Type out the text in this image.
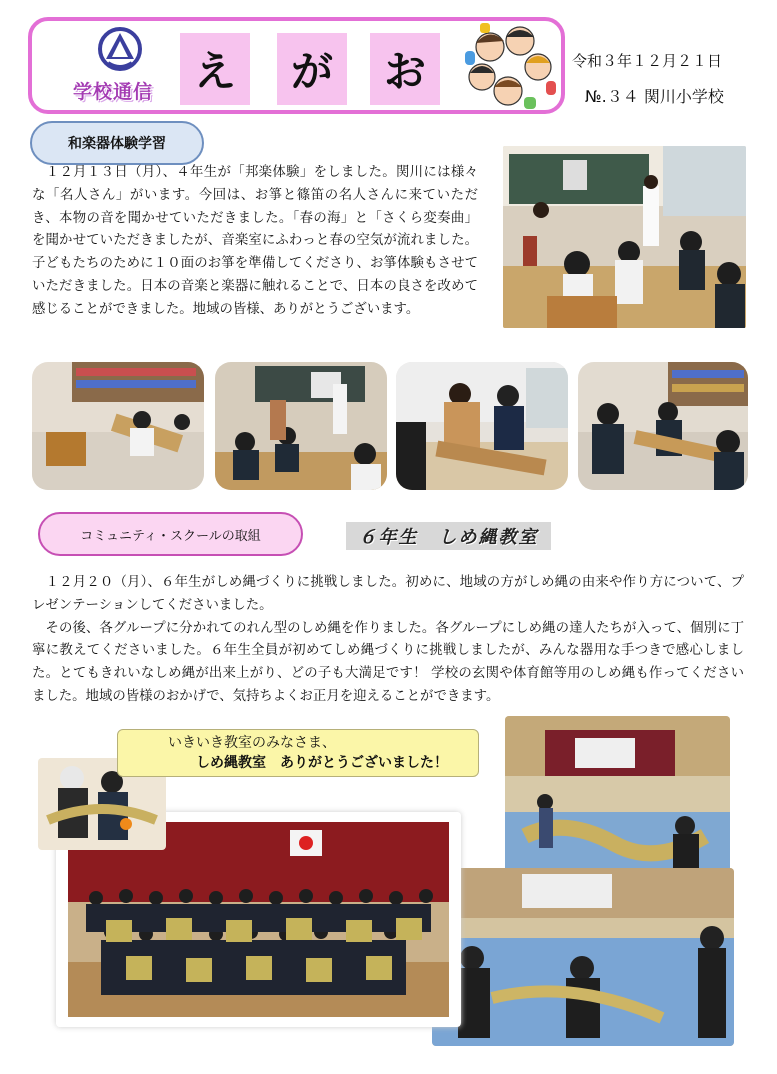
学校通信 え	が	お	令和３年１２月２１日
№.３４ 関川小学校
和楽器体験学習

　１２月１３日（月）、４年生が「邦楽体験」をしました。関川には様々な「名人さん」がいます。今回は、お箏と篠笛の名人さんに来ていただき、本物の音を聞かせていただきました。「春の海」と「さくら変奏曲」を聞かせていただきましたが、音楽室にふわっと春の空気が流れました。子どもたちのために１０面のお箏を準備してくださり、お箏体験もさせていただきました。日本の音楽と楽器に触れることで、日本の良さを改めて感じることができました。地域の皆様、ありがとうございます。

コミュニティ・スクールの取組	６年生　しめ縄教室

　１２月２０（月）、６年生がしめ縄づくりに挑戦しました。初めに、地域の方がしめ縄の由来や作り方について、プレゼンテーションしてくださいました。
　その後、各グループに分かれてのれん型のしめ縄を作りました。各グループにしめ縄の達人たちが入って、個別に丁寧に教えてくださいました。６年生全員が初めてしめ縄づくりに挑戦しましたが、みんな器用な手つきで感心しました。とてもきれいなしめ縄が出来上がり、どの子も大満足です！ 学校の玄関や体育館等用のしめ縄も作ってくださいました。地域の皆様のおかげで、気持ちよくお正月を迎えることができます。

いきいき教室のみなさま、
しめ縄教室　ありがとうございました！
